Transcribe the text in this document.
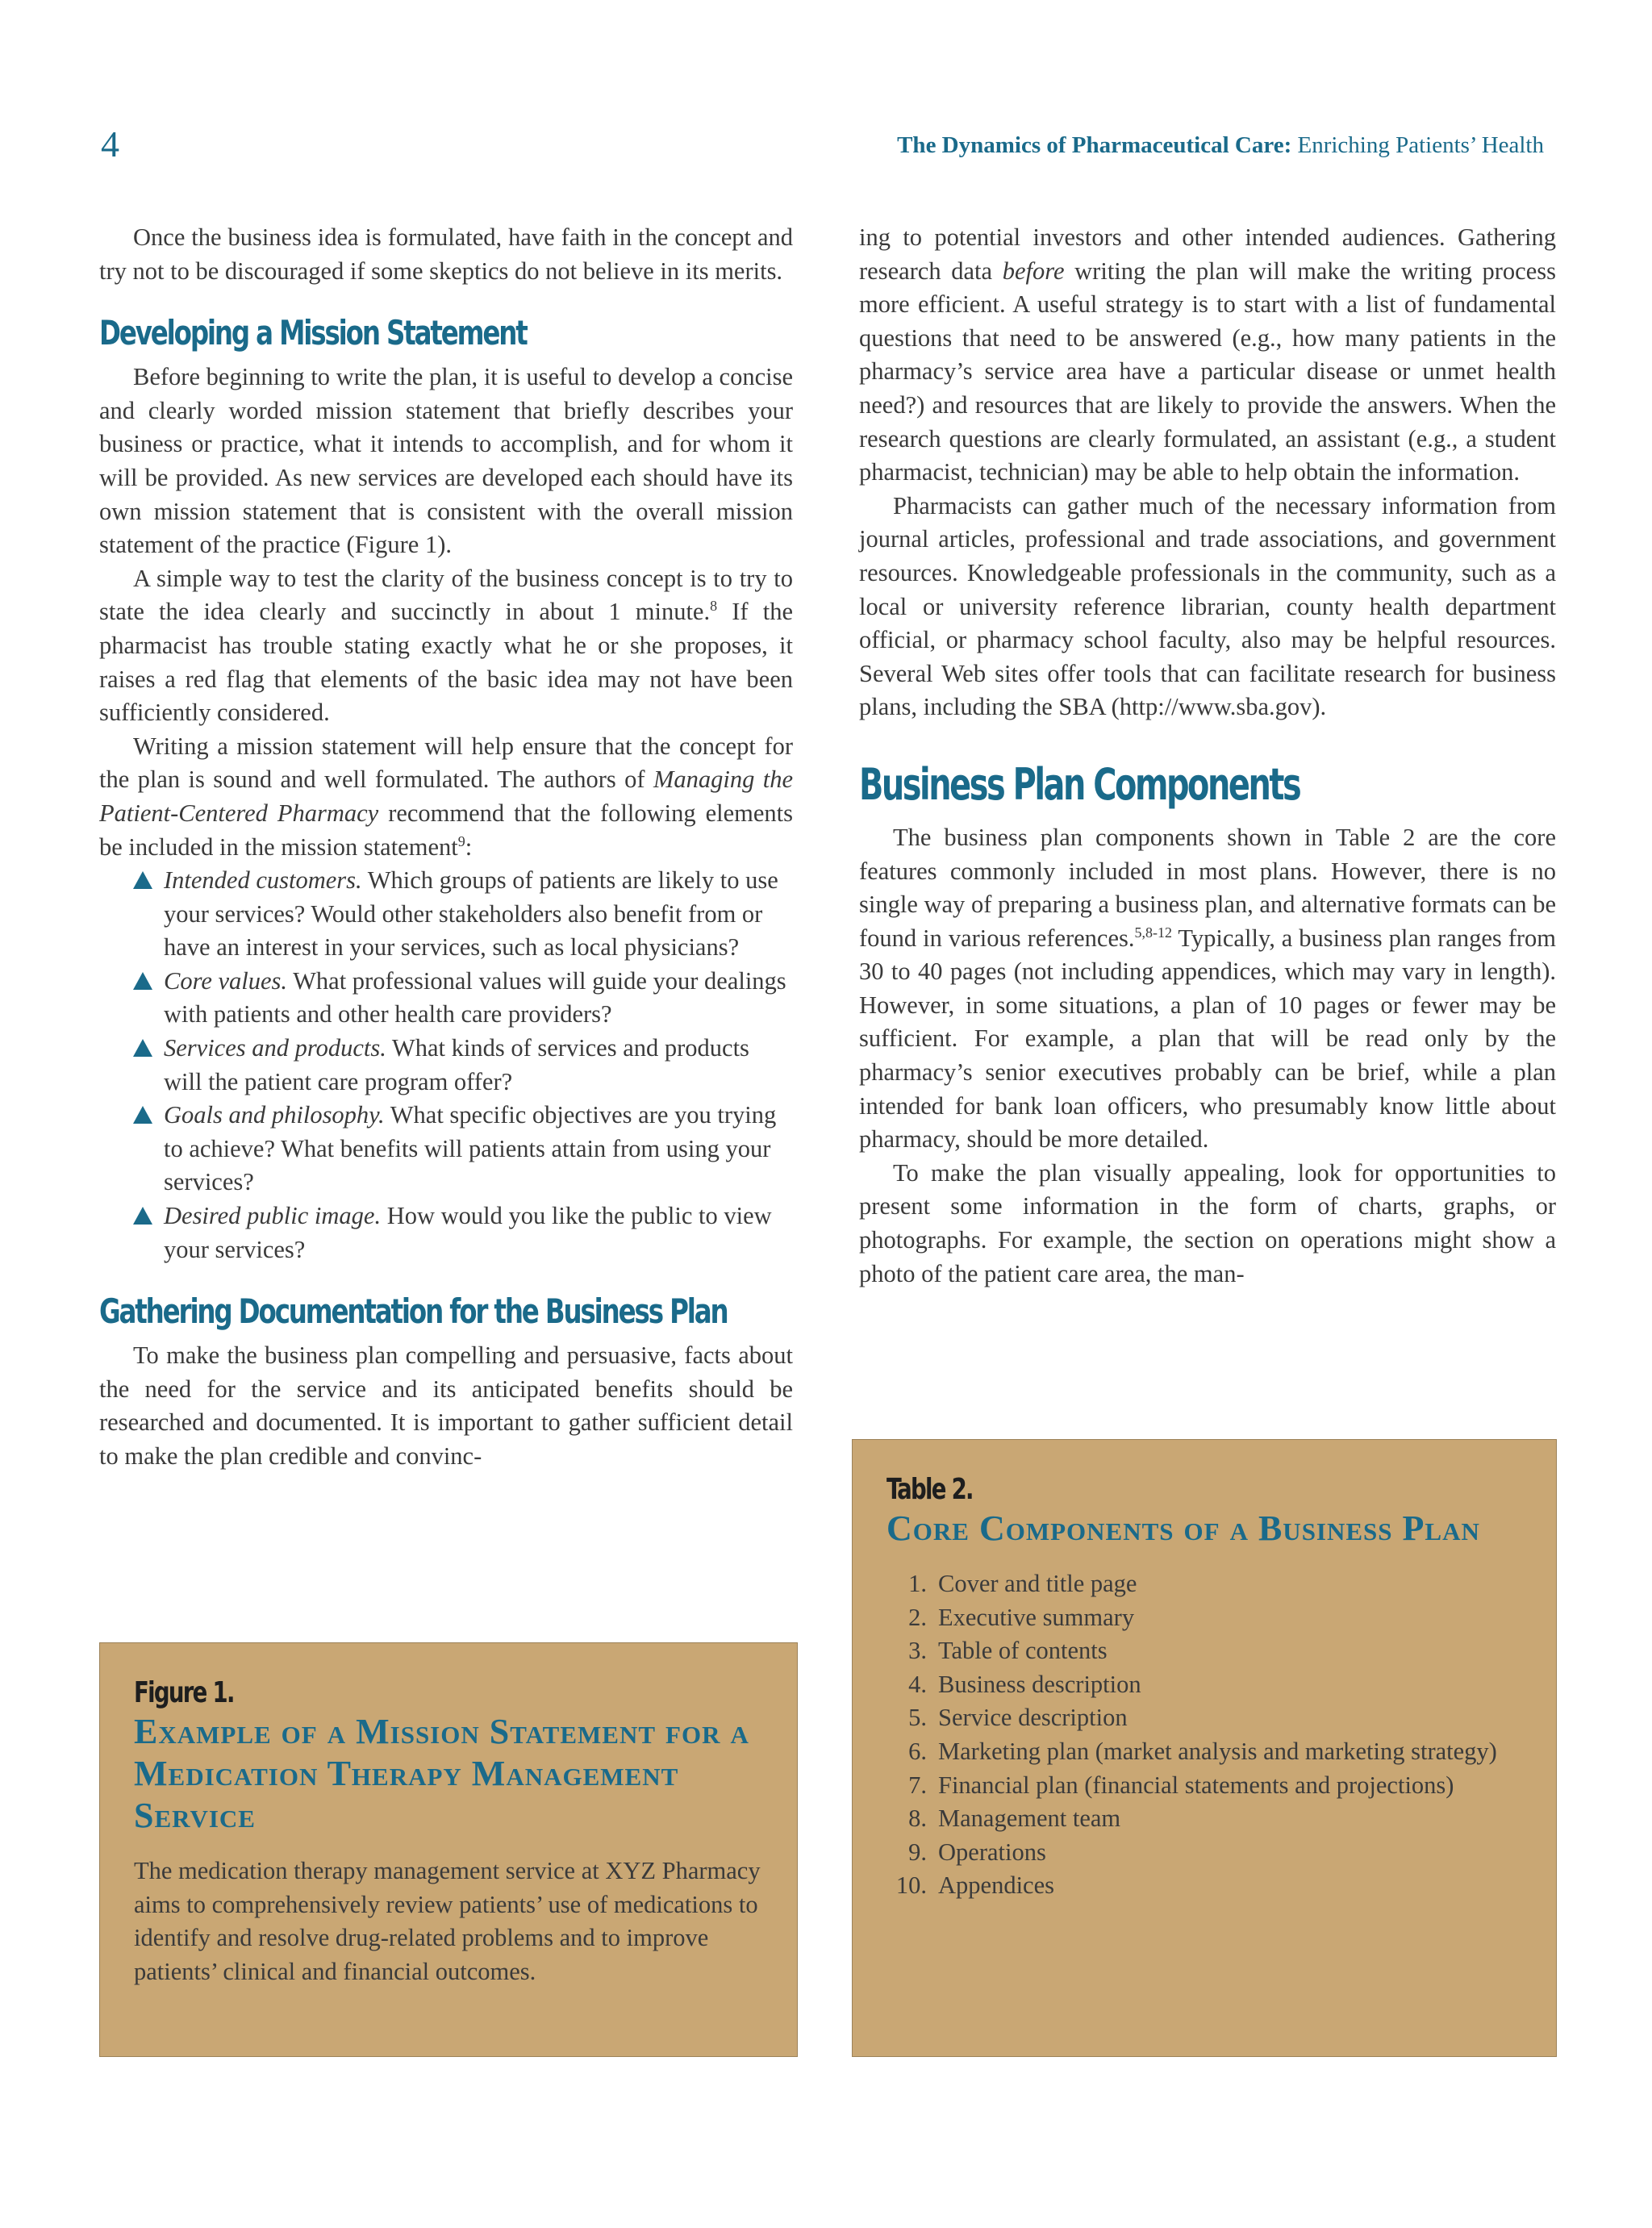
4	The Dynamics of Pharmaceutical Care: Enriching Patients’ Health

Once the business idea is formulated, have faith in the concept and try not to be discouraged if some skeptics do not believe in its merits.

Developing a Mission Statement

Before beginning to write the plan, it is useful to develop a concise and clearly worded mission statement that briefly describes your business or practice, what it intends to accomplish, and for whom it will be provided. As new services are developed each should have its own mission statement that is consistent with the overall mission statement of the practice (Figure 1).

A simple way to test the clarity of the business concept is to try to state the idea clearly and succinctly in about 1 minute.$^8$ If the pharmacist has trouble stating exactly what he or she proposes, it raises a red flag that elements of the basic idea may not have been sufficiently considered.

Writing a mission statement will help ensure that the concept for the plan is sound and well formulated. The authors of Managing the Patient-Centered Pharmacy recommend that the following elements be included in the mission statement$^9$:

Intended customers. Which groups of patients are likely to use your services? Would other stakeholders also benefit from or have an interest in your services, such as local physicians?
Core values. What professional values will guide your dealings with patients and other health care providers?
Services and products. What kinds of services and products will the patient care program offer?
Goals and philosophy. What specific objectives are you trying to achieve? What benefits will patients attain from using your services?
Desired public image. How would you like the public to view your services?
Gathering Documentation for the Business Plan

To make the business plan compelling and persuasive, facts about the need for the service and its anticipated benefits should be researched and documented. It is important to gather sufficient detail to make the plan credible and convinc-

Figure 1.
Example of a Mission Statement for a Medication Therapy Management Service
The medication therapy management service at XYZ Pharmacy aims to comprehensively review patients’ use of medications to identify and resolve drug-related problems and to improve patients’ clinical and financial outcomes.

ing to potential investors and other intended audiences. Gathering research data before writing the plan will make the writing process more efficient. A useful strategy is to start with a list of fundamental questions that need to be answered (e.g., how many patients in the pharmacy’s service area have a particular disease or unmet health need?) and resources that are likely to provide the answers. When the research questions are clearly formulated, an assistant (e.g., a student pharmacist, technician) may be able to help obtain the information.

Pharmacists can gather much of the necessary information from journal articles, professional and trade associations, and government resources. Knowledgeable professionals in the community, such as a local or university reference librarian, county health department official, or pharmacy school faculty, also may be helpful resources. Several Web sites offer tools that can facilitate research for business plans, including the SBA (http://www.sba.gov).

Business Plan Components

The business plan components shown in Table 2 are the core features commonly included in most plans. However, there is no single way of preparing a business plan, and alternative formats can be found in various references.$^{5,8-12}$ Typically, a business plan ranges from 30 to 40 pages (not including appendices, which may vary in length). However, in some situations, a plan of 10 pages or fewer may be sufficient. For example, a plan that will be read only by the pharmacy’s senior executives probably can be brief, while a plan intended for bank loan officers, who presumably know little about pharmacy, should be more detailed.

To make the plan visually appealing, look for opportunities to present some information in the form of charts, graphs, or photographs. For example, the section on operations might show a photo of the patient care area, the man-

Table 2.
Core Components of a Business Plan
1. Cover and title page
2. Executive summary
3. Table of contents
4. Business description
5. Service description
6. Marketing plan (market analysis and marketing strategy)
7. Financial plan (financial statements and projections)
8. Management team
9. Operations
10. Appendices
